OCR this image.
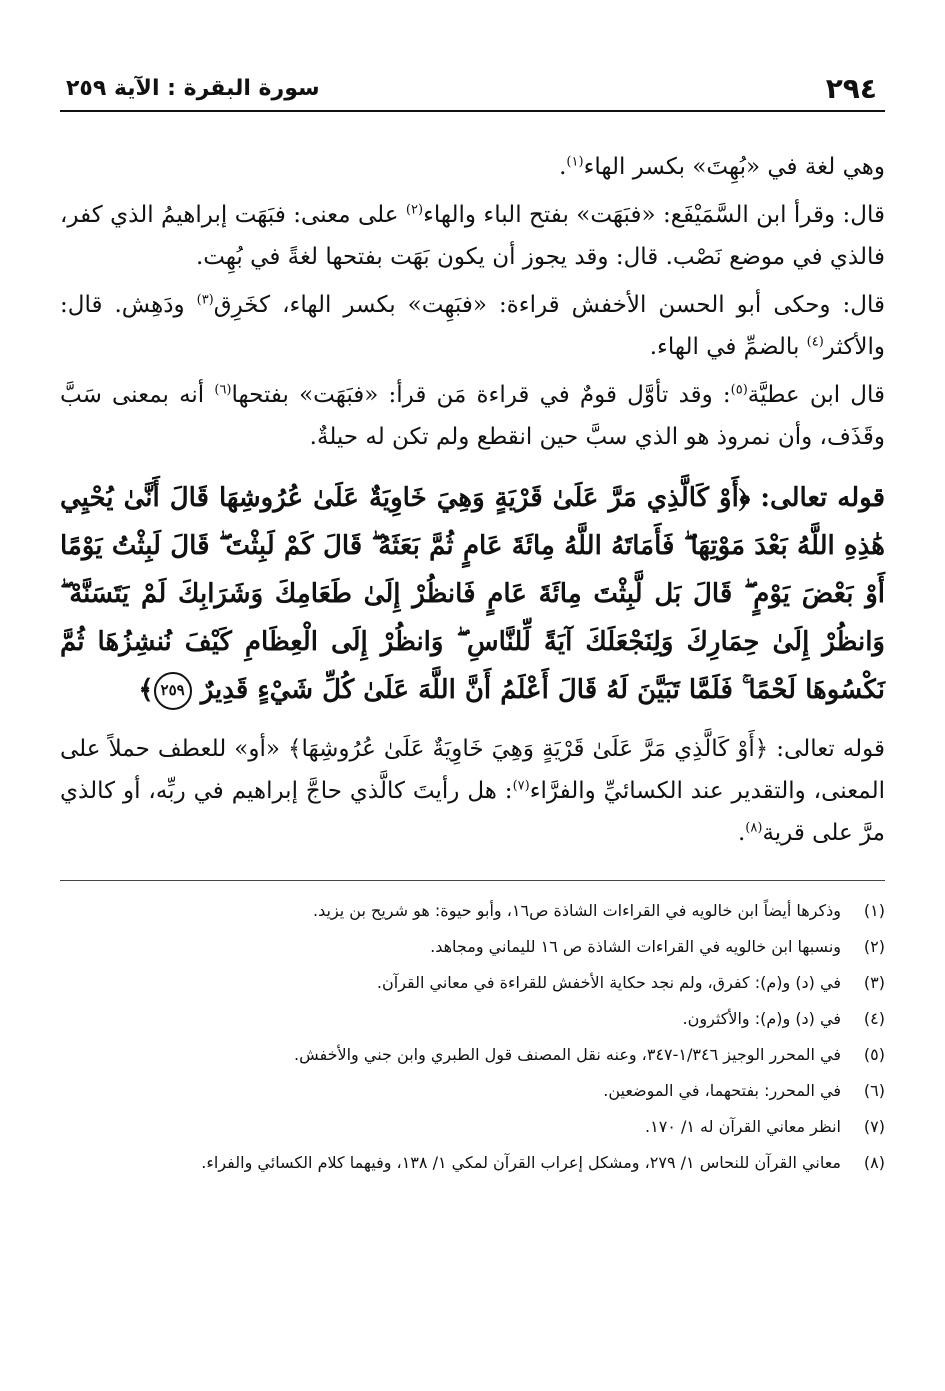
٢٩٤
سورة البقرة : الآية ٢٥٩

وهي لغة في «بُهِتَ» بكسر الهاء$^{(١)}$.

قال: وقرأ ابن السَّمَيْفَع: «فبَهَت» بفتح الباء والهاء$^{(٢)}$ على معنى: فبَهَت إبراهيمُ الذي كفر، فالذي في موضع نَصْب. قال: وقد يجوز أن يكون بَهَت بفتحها لغةً في بُهِت.

قال: وحكى أبو الحسن الأخفش قراءة: «فبَهِت» بكسر الهاء، كخَرِق$^{(٣)}$ ودَهِش. قال: والأكثر$^{(٤)}$ بالضمِّ في الهاء.

قال ابن عطيَّة$^{(٥)}$: وقد تأوَّل قومٌ في قراءة مَن قرأ: «فبَهَت» بفتحها$^{(٦)}$ أنه بمعنى سَبَّ وقَذَف، وأن نمروذ هو الذي سبَّ حين انقطع ولم تكن له حيلةٌ.

قوله تعالى: ﴿أَوْ كَالَّذِي مَرَّ عَلَىٰ قَرْيَةٍ وَهِيَ خَاوِيَةٌ عَلَىٰ عُرُوشِهَا قَالَ أَنَّىٰ يُحْيِي هَٰذِهِ اللَّهُ بَعْدَ مَوْتِهَا ۖ فَأَمَاتَهُ اللَّهُ مِائَةَ عَامٍ ثُمَّ بَعَثَهُ ۖ قَالَ كَمْ لَبِثْتَ ۖ قَالَ لَبِثْتُ يَوْمًا أَوْ بَعْضَ يَوْمٍ ۖ قَالَ بَل لَّبِثْتَ مِائَةَ عَامٍ فَانظُرْ إِلَىٰ طَعَامِكَ وَشَرَابِكَ لَمْ يَتَسَنَّهْ ۖ وَانظُرْ إِلَىٰ حِمَارِكَ وَلِنَجْعَلَكَ آيَةً لِّلنَّاسِ ۖ وَانظُرْ إِلَى الْعِظَامِ كَيْفَ نُنشِزُهَا ثُمَّ نَكْسُوهَا لَحْمًا ۚ فَلَمَّا تَبَيَّنَ لَهُ قَالَ أَعْلَمُ أَنَّ اللَّهَ عَلَىٰ كُلِّ شَيْءٍ قَدِيرٌ ٢٥٩﴾

قوله تعالى: ﴿أَوْ كَالَّذِي مَرَّ عَلَىٰ قَرْيَةٍ وَهِيَ خَاوِيَةٌ عَلَىٰ عُرُوشِهَا﴾ «أو» للعطف حملاً على المعنى، والتقدير عند الكسائيِّ والفرَّاء$^{(٧)}$: هل رأيتَ كالَّذي حاجَّ إبراهيم في ربِّه، أو كالذي مرَّ على قرية$^{(٨)}$.

(١)
وذكرها أيضاً ابن خالويه في القراءات الشاذة ص١٦، وأبو حيوة: هو شريح بن يزيد.
(٢)
ونسبها ابن خالويه في القراءات الشاذة ص ١٦ لليماني ومجاهد.
(٣)
في (د) و(م): كفرق، ولم نجد حكاية الأخفش للقراءة في معاني القرآن.
(٤)
في (د) و(م): والأكثرون.
(٥)
في المحرر الوجيز ١/٣٤٦-٣٤٧، وعنه نقل المصنف قول الطبري وابن جني والأخفش.
(٦)
في المحرر: بفتحهما، في الموضعين.
(٧)
انظر معاني القرآن له ١/ ١٧٠.
(٨)
معاني القرآن للنحاس ١/ ٢٧٩، ومشكل إعراب القرآن لمكي ١/ ١٣٨، وفيهما كلام الكسائي والفراء.
